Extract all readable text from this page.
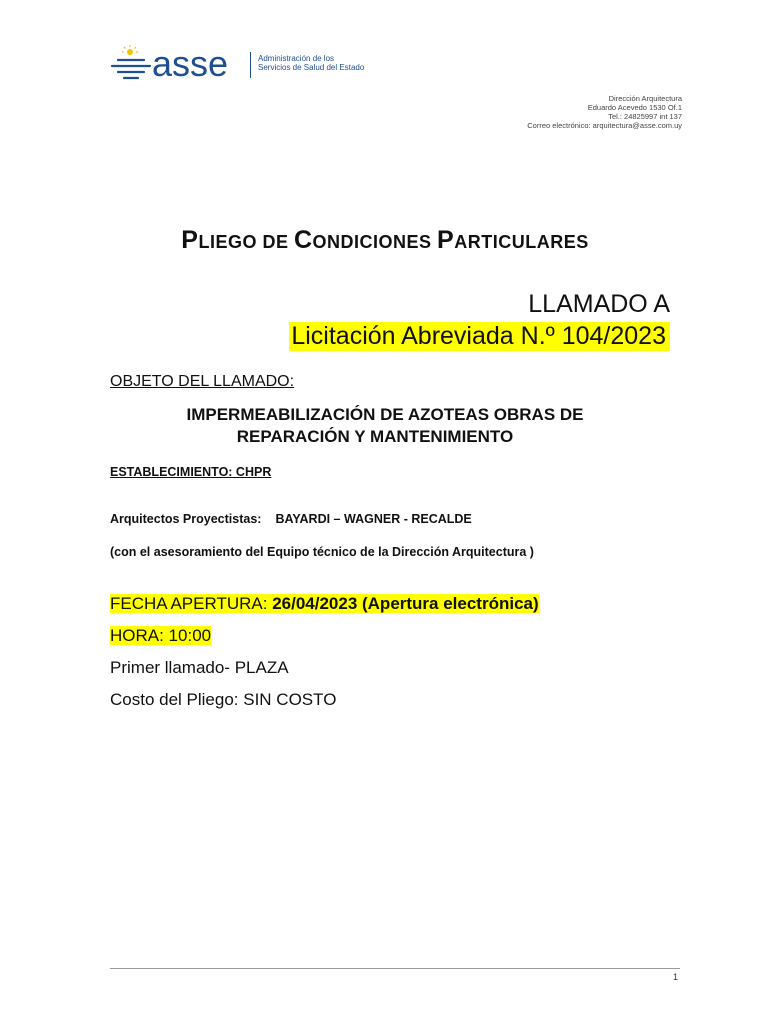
asse	Administración de los
Servicios de Salud del Estado
Dirección Arquitectura
Eduardo Acevedo 1530 Of.1
Tel.: 24825997 int 137
Correo electrónico: arquitectura@asse.com.uy
PLIEGO DE CONDICIONES PARTICULARES
LLAMADO A
Licitación Abreviada N.º 104/2023
OBJETO DEL LLAMADO:
IMPERMEABILIZACIÓN DE AZOTEAS OBRAS DE
REPARACIÓN Y MANTENIMIENTO
ESTABLECIMIENTO: CHPR
Arquitectos Proyectistas: BAYARDI – WAGNER - RECALDE
(con el asesoramiento del Equipo técnico de la Dirección Arquitectura )
FECHA APERTURA: 26/04/2023 (Apertura electrónica)
HORA: 10:00
Primer llamado- PLAZA
Costo del Pliego: SIN COSTO
1
